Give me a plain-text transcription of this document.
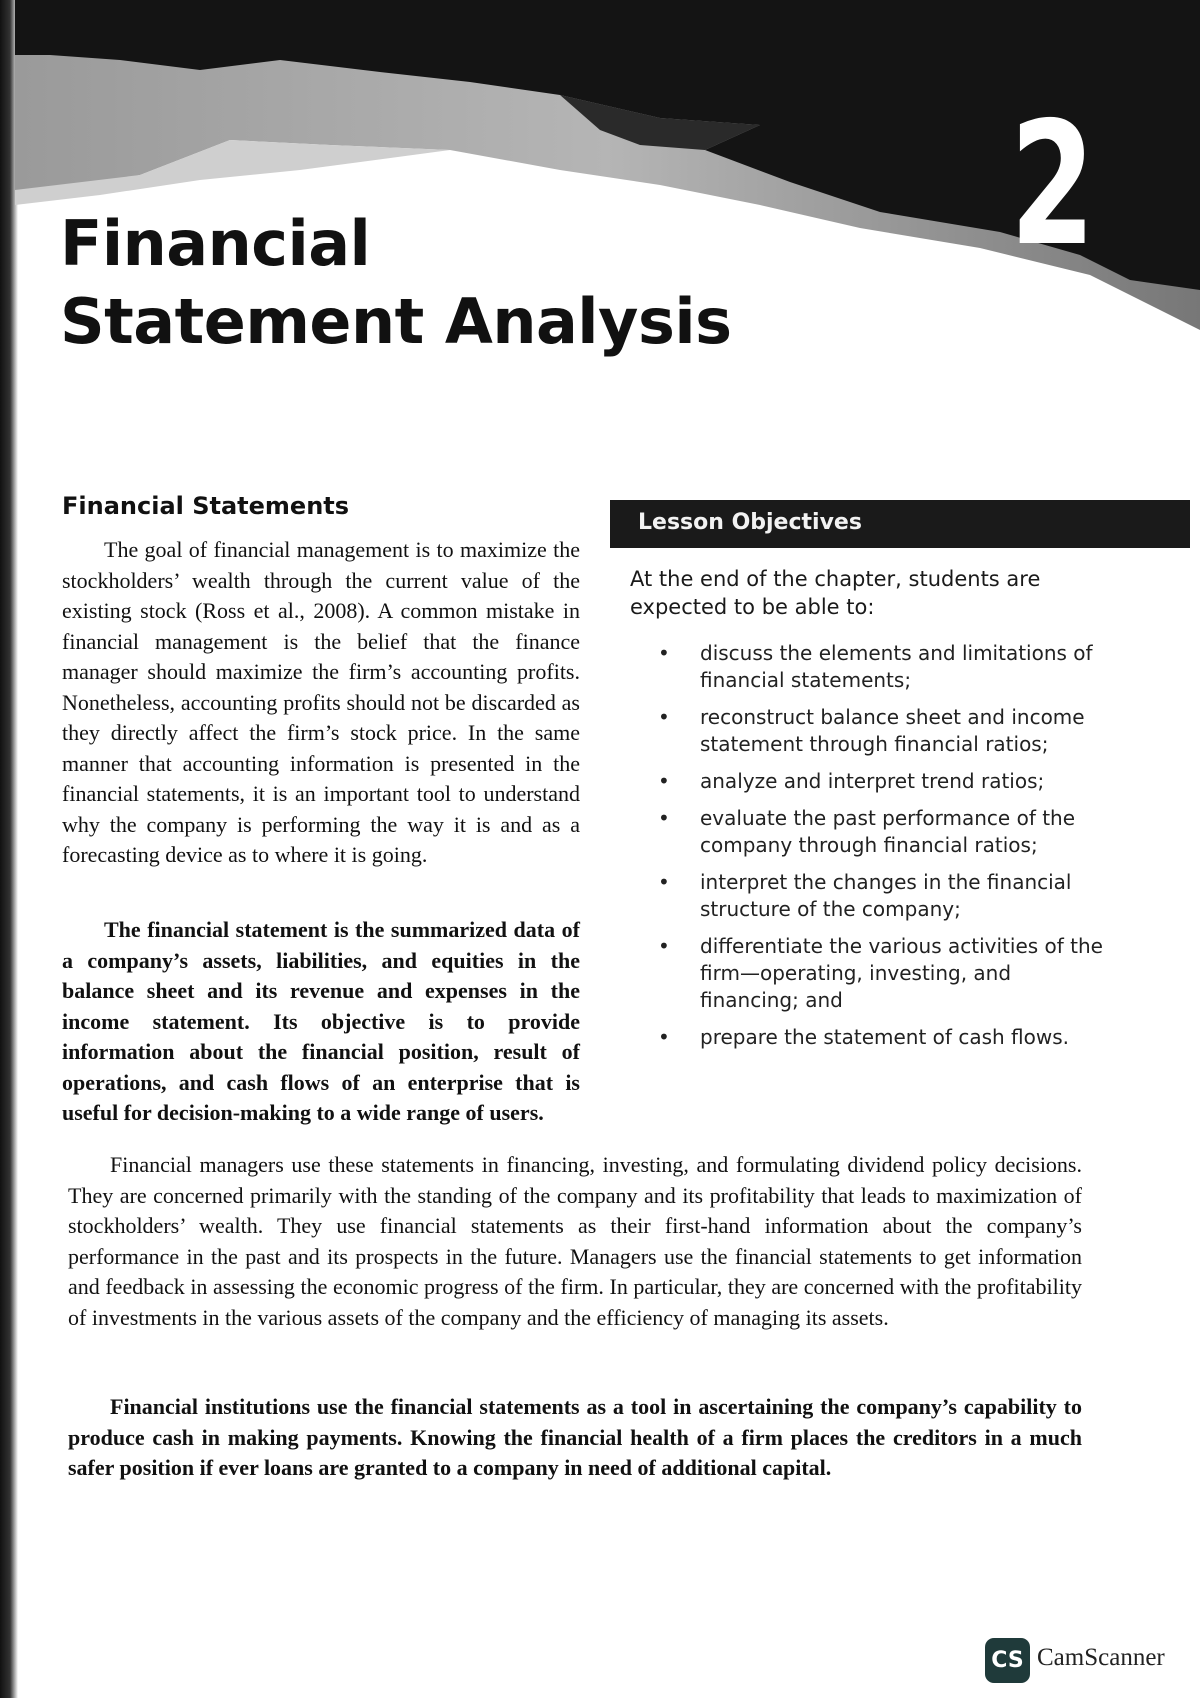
2
Financial
Statement Analysis
Financial Statements

The goal of financial management is to maximize the stockholders’ wealth through the current value of the existing stock (Ross et al., 2008). A common mistake in financial management is the belief that the finance manager should maximize the firm’s accounting profits. Nonetheless, accounting profits should not be discarded as they directly affect the firm’s stock price. In the same manner that accounting information is presented in the financial statements, it is an important tool to understand why the company is performing the way it is and as a forecasting device as to where it is going.

The financial statement is the summarized data of a company’s assets, liabilities, and equities in the balance sheet and its revenue and expenses in the income statement. Its objective is to provide information about the financial position, result of operations, and cash flows of an enterprise that is useful for decision-making to a wide range of users.

Lesson Objectives
At the end of the chapter, students are expected to be able to:
• discuss the elements and limitations of financial statements;
• reconstruct balance sheet and income statement through financial ratios;
• analyze and interpret trend ratios;
• evaluate the past performance of the company through financial ratios;
• interpret the changes in the financial structure of the company;
• differentiate the various activities of the firm—operating, investing, and financing; and
• prepare the statement of cash flows.

Financial managers use these statements in financing, investing, and formulating dividend policy decisions. They are concerned primarily with the standing of the company and its profitability that leads to maximization of stockholders’ wealth. They use financial statements as their first-hand information about the company’s performance in the past and its prospects in the future. Managers use the financial statements to get information and feedback in assessing the economic progress of the firm. In particular, they are concerned with the profitability of investments in the various assets of the company and the efficiency of managing its assets.

Financial institutions use the financial statements as a tool in ascertaining the company’s capability to produce cash in making payments. Knowing the financial health of a firm places the creditors in a much safer position if ever loans are granted to a company in need of additional capital.

CS CamScanner
